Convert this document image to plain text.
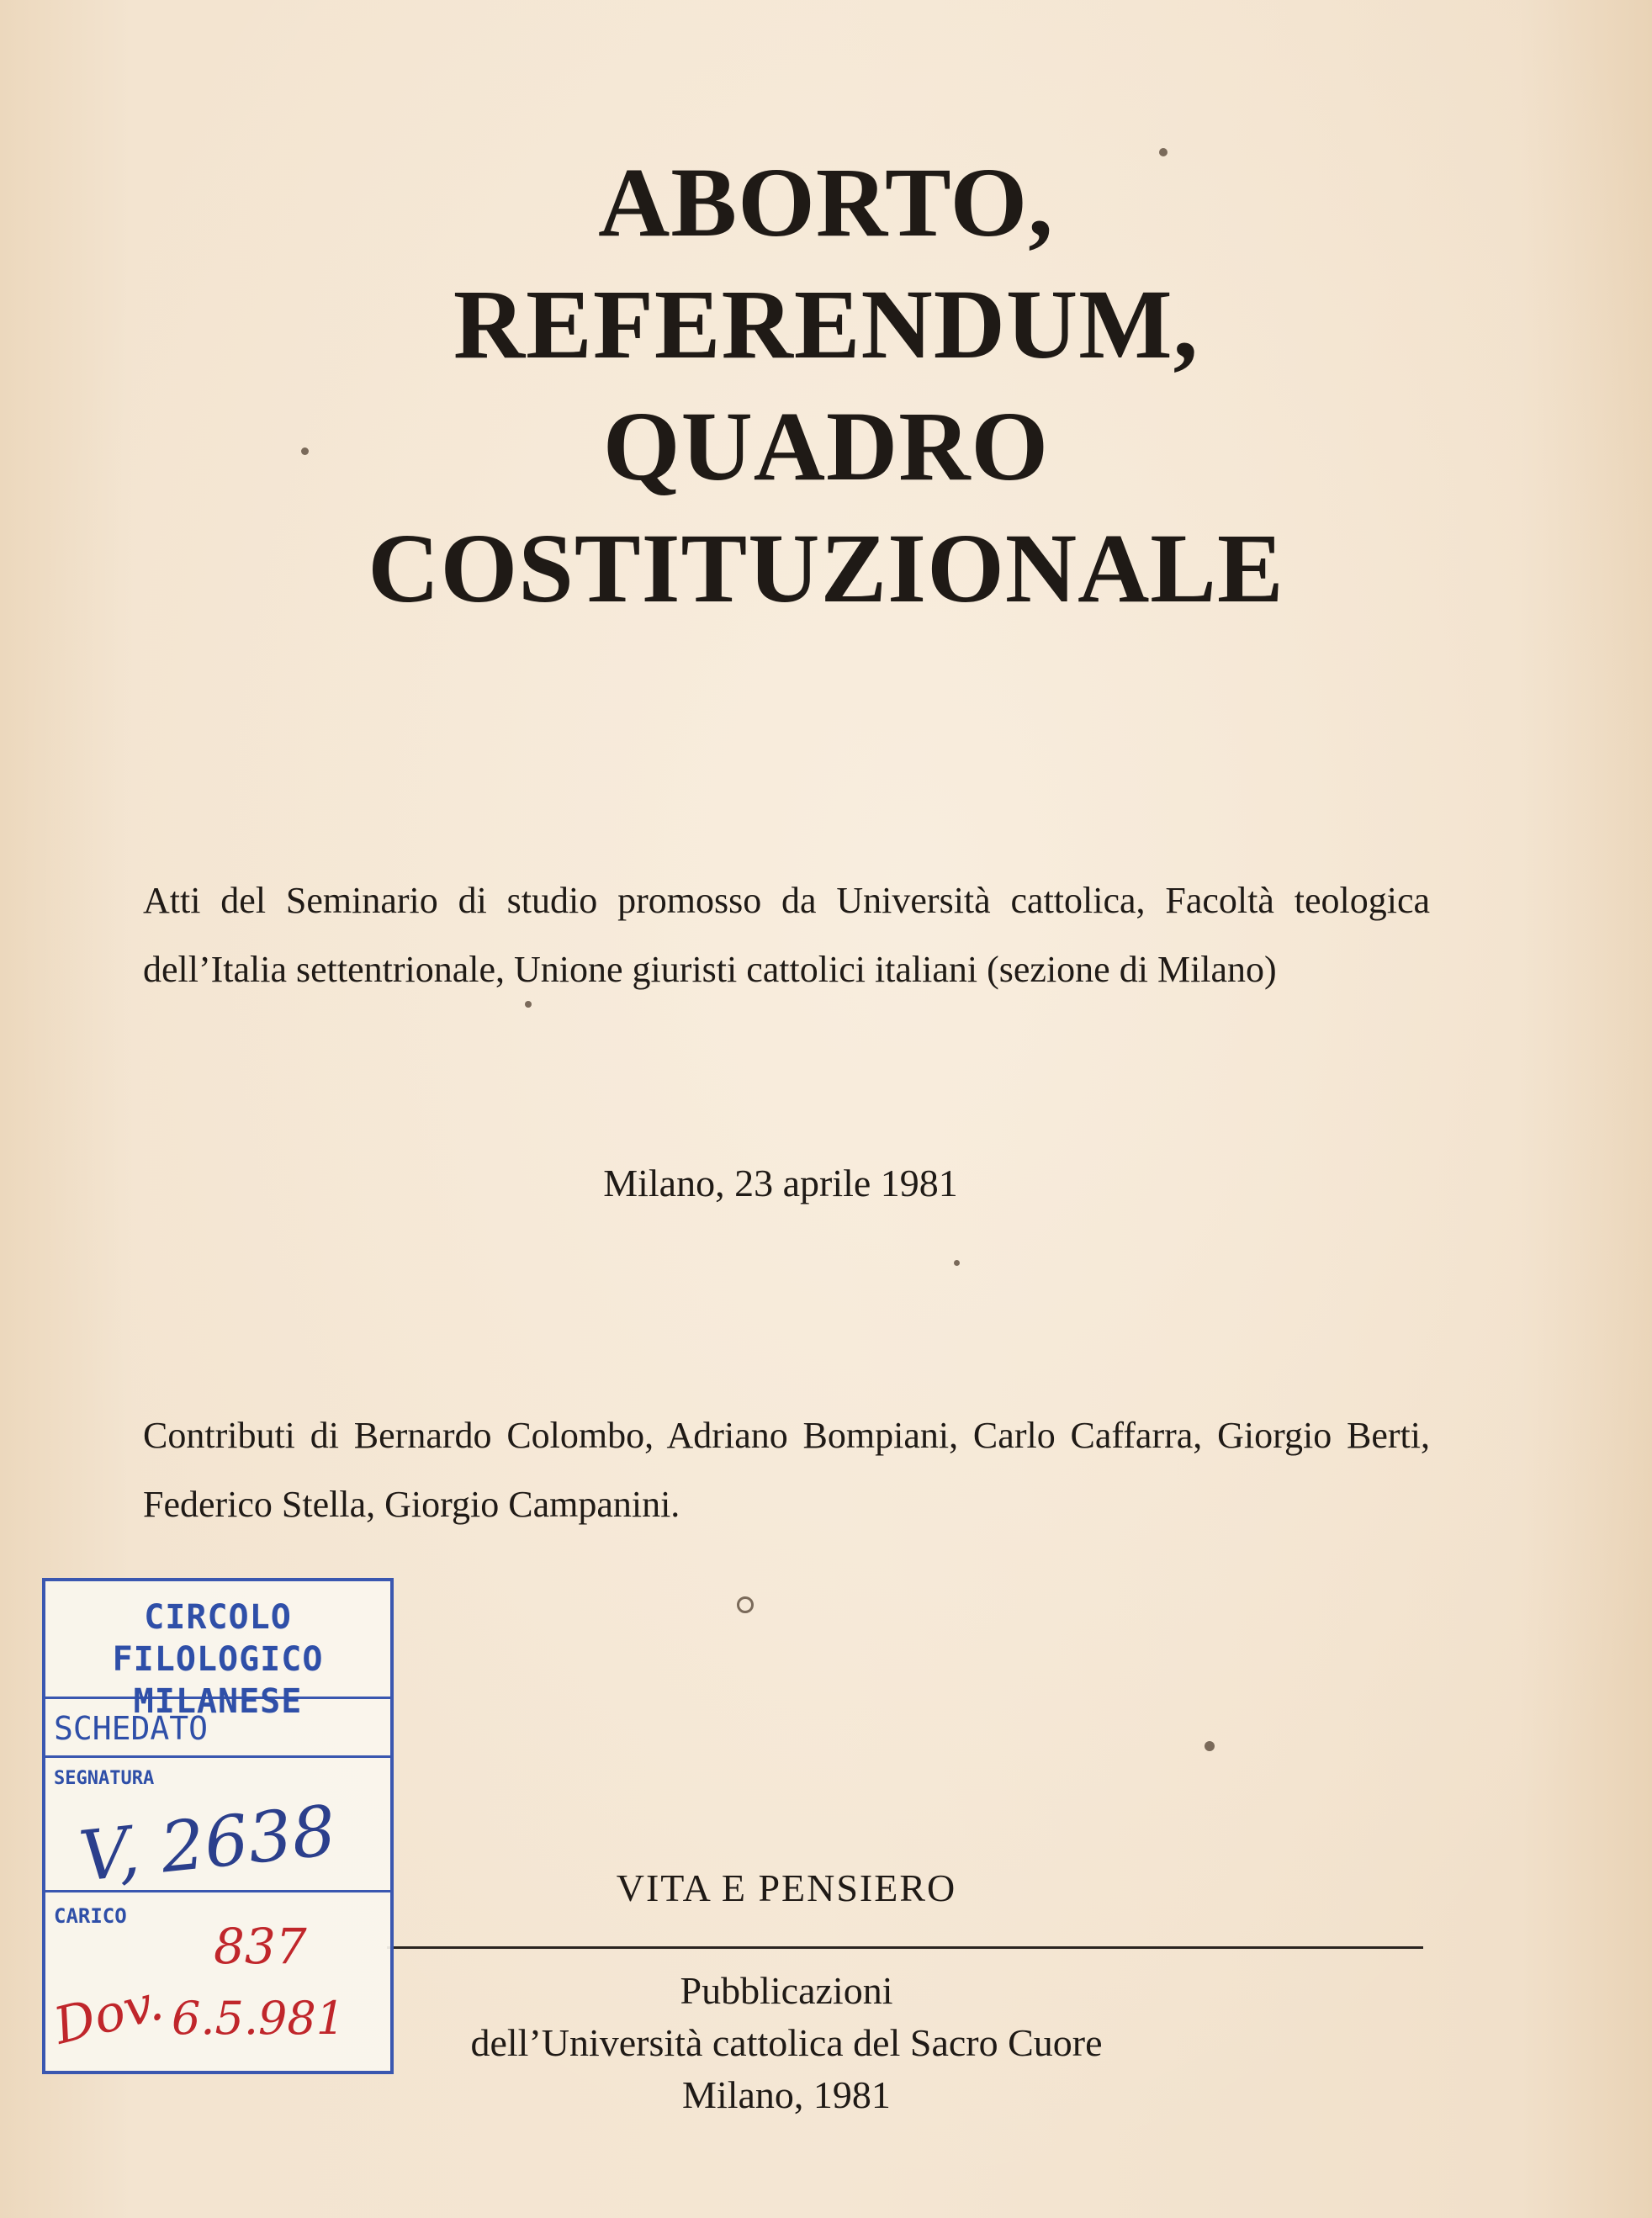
ABORTO,
REFERENDUM,
QUADRO
COSTITUZIONALE
Atti del Seminario di studio promosso da Università cattolica, Facoltà teologica dell’Italia settentrionale, Unione giuristi cattolici italiani (sezione di Milano)
Milano, 23 aprile 1981
Contributi di Bernardo Colombo, Adriano Bompiani, Carlo Caffarra, Giorgio Berti, Federico Stella, Giorgio Campanini.
VITA E PENSIERO
Pubblicazioni
dell’Università cattolica del Sacro Cuore
Milano, 1981
CIRCOLO FILOLOGICO
MILANESE
SCHEDATO
SEGNATURA
V, 2638
CARICO
837
Dov. 6.5.981
